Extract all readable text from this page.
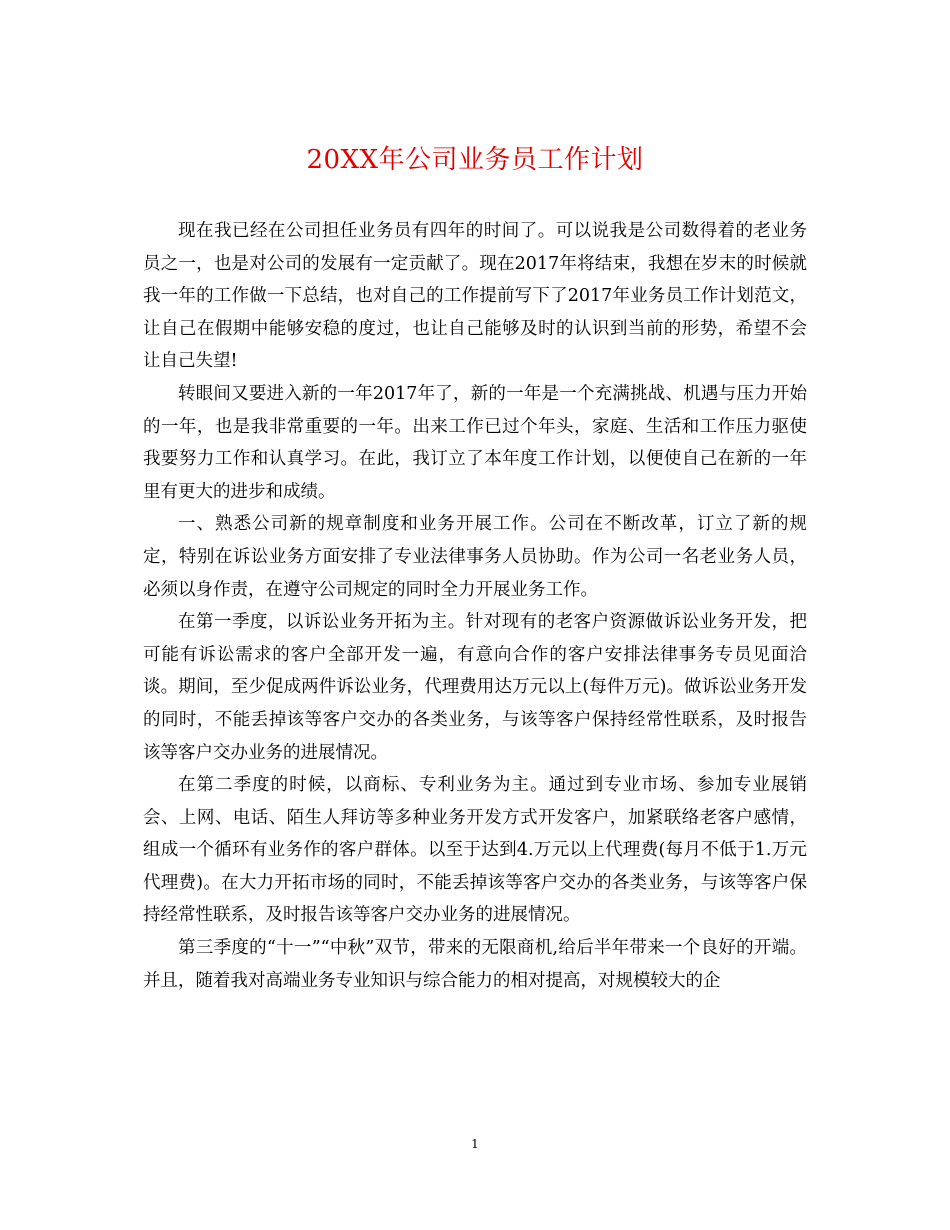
20XX年公司业务员工作计划

现在我已经在公司担任业务员有四年的时间了。可以说我是公司数得着的老业务员之一，也是对公司的发展有一定贡献了。现在2017年将结束，我想在岁末的时候就我一年的工作做一下总结，也对自己的工作提前写下了2017年业务员工作计划范文，让自己在假期中能够安稳的度过，也让自己能够及时的认识到当前的形势，希望不会让自己失望!

转眼间又要进入新的一年2017年了，新的一年是一个充满挑战、机遇与压力开始的一年，也是我非常重要的一年。出来工作已过个年头，家庭、生活和工作压力驱使我要努力工作和认真学习。在此，我订立了本年度工作计划，以便使自己在新的一年里有更大的进步和成绩。

一、熟悉公司新的规章制度和业务开展工作。公司在不断改革，订立了新的规定，特别在诉讼业务方面安排了专业法律事务人员协助。作为公司一名老业务人员，必须以身作责，在遵守公司规定的同时全力开展业务工作。

在第一季度，以诉讼业务开拓为主。针对现有的老客户资源做诉讼业务开发，把可能有诉讼需求的客户全部开发一遍，有意向合作的客户安排法律事务专员见面洽谈。期间，至少促成两件诉讼业务，代理费用达万元以上(每件万元)。做诉讼业务开发的同时，不能丢掉该等客户交办的各类业务，与该等客户保持经常性联系，及时报告该等客户交办业务的进展情况。

在第二季度的时候，以商标、专利业务为主。通过到专业市场、参加专业展销会、上网、电话、陌生人拜访等多种业务开发方式开发客户，加紧联络老客户感情，组成一个循环有业务作的客户群体。以至于达到4.万元以上代理费(每月不低于1.万元代理费)。在大力开拓市场的同时，不能丢掉该等客户交办的各类业务，与该等客户保持经常性联系，及时报告该等客户交办业务的进展情况。

第三季度的“十一”“中秋”双节，带来的无限商机,给后半年带来一个良好的开端。并且，随着我对高端业务专业知识与综合能力的相对提高，对规模较大的企

1
